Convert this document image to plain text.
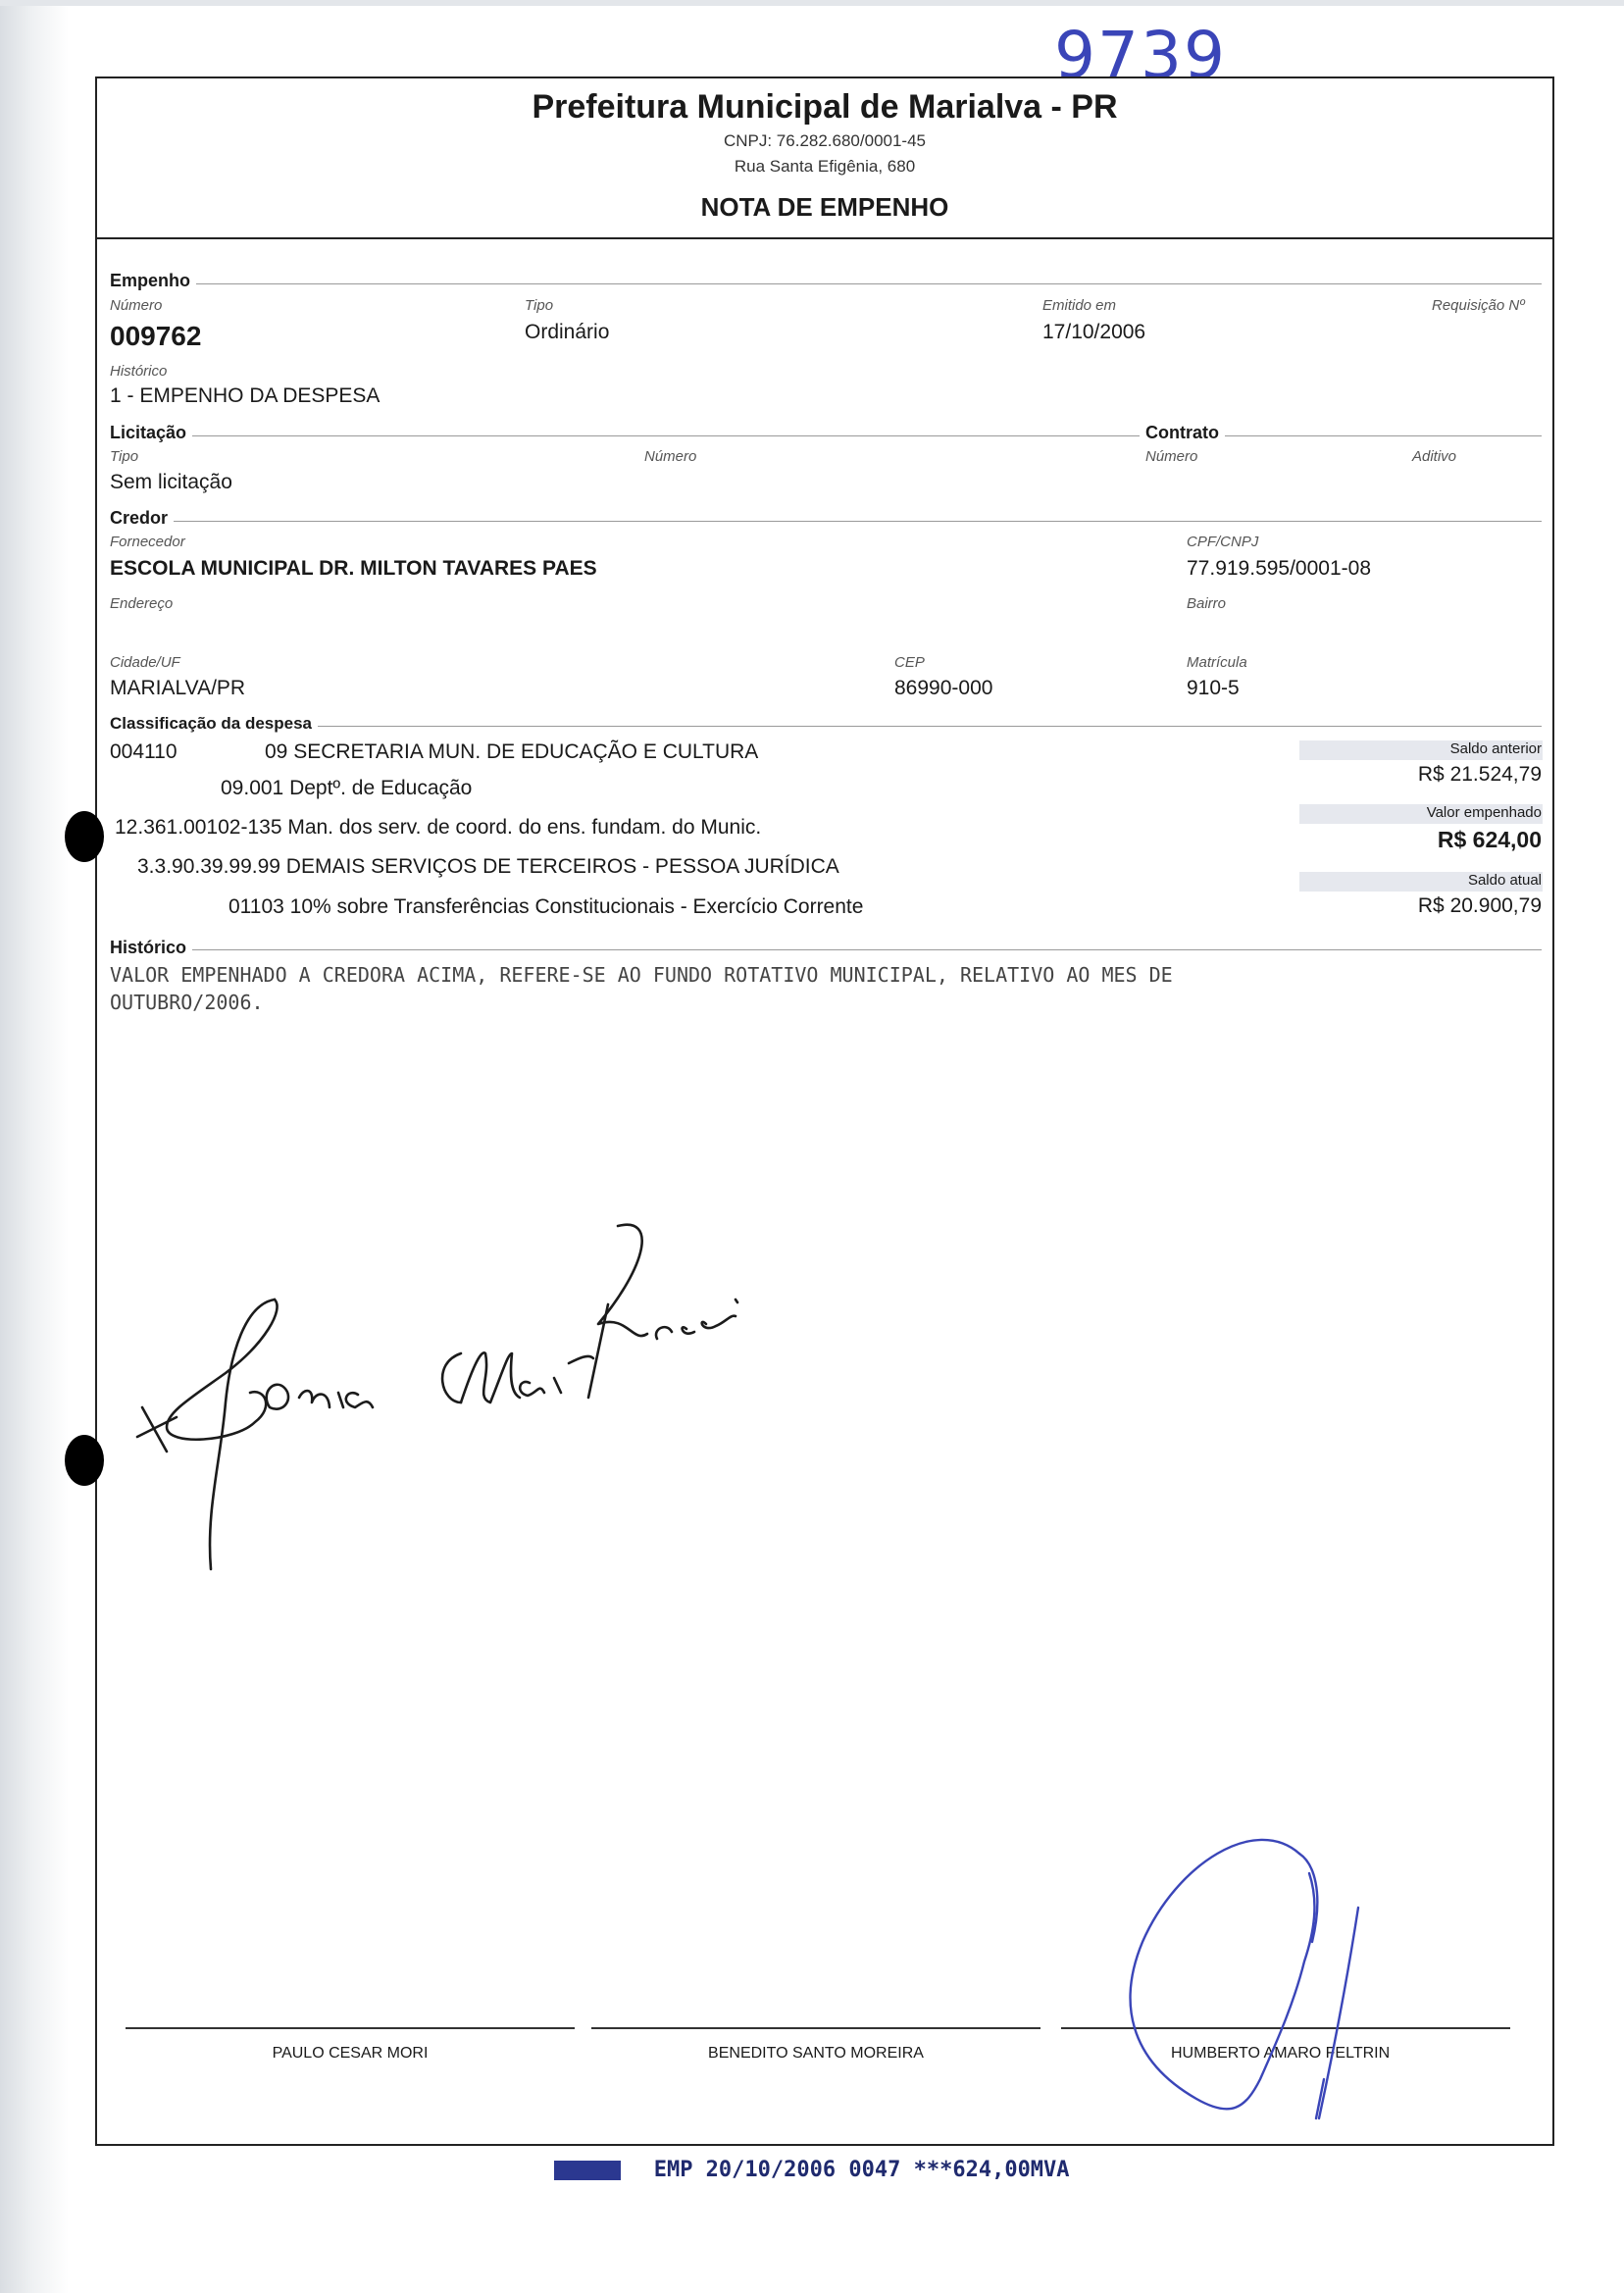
9739
Prefeitura Municipal de Marialva - PR
CNPJ: 76.282.680/0001-45
Rua Santa Efigênia, 680
NOTA DE EMPENHO
Empenho
Número
009762
Tipo
Ordinário
Emitido em
17/10/2006
Requisição Nº
Histórico
1 - EMPENHO DA DESPESA
Licitação	Contrato
Tipo
Sem licitação
Número	Número	Aditivo
Credor
Fornecedor
ESCOLA MUNICIPAL DR. MILTON TAVARES PAES
CPF/CNPJ
77.919.595/0001-08
Endereço	Bairro
Cidade/UF
MARIALVA/PR
CEP
86990-000
Matrícula
910-5
Classificação da despesa
004110	09 SECRETARIA MUN. DE EDUCAÇÃO E CULTURA
09.001 Deptº. de Educação
12.361.00102-135 Man. dos serv. de coord. do ens. fundam. do Munic.
3.3.90.39.99.99 DEMAIS SERVIÇOS DE TERCEIROS - PESSOA JURÍDICA
01103 10% sobre Transferências Constitucionais - Exercício Corrente
Saldo anterior
R$ 21.524,79
Valor empenhado
R$ 624,00
Saldo atual
R$ 20.900,79
Histórico
VALOR EMPENHADO A CREDORA ACIMA, REFERE-SE AO FUNDO ROTATIVO MUNICIPAL, RELATIVO AO MES DE
OUTUBRO/2006.
PAULO CESAR MORI	BENEDITO SANTO MOREIRA	HUMBERTO AMARO FELTRIN
EMP 20/10/2006 0047 ***624,00MVA
